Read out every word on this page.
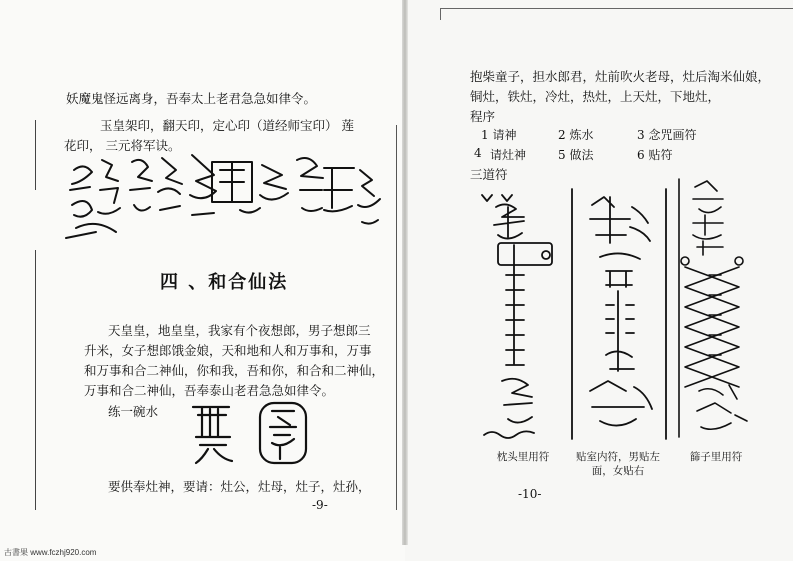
妖魔鬼怪远离身，吾奉太上老君急急如律令。
玉皇架印，翻天印，定心印（道经师宝印） 莲
花印， 三元将军诀。
四 、和合仙法
天皇皇，地皇皇，我家有个夜想郎，男子想郎三
升米，女子想郎饿金娘，天和地和人和万事和，万事
和万事和合二神仙，你和我，吾和你，和合和二神仙，
万事和合二神仙，吾奉泰山老君急急如律令。
练一碗水
要供奉灶神，要请：灶公，灶母，灶子，灶孙，
-9-
抱柴童子，担水郎君，灶前吹火老母，灶后淘米仙娘，
铜灶，铁灶，冷灶，热灶，上天灶，下地灶，
程序
1 请神	2 炼水	3 念咒画符
4 请灶神	5 做法	6 贴符
三道符
枕头里用符	贴室内符，男贴左面，女贴右
篩子里用符
-10-
古書果 www.fczhj920.com
